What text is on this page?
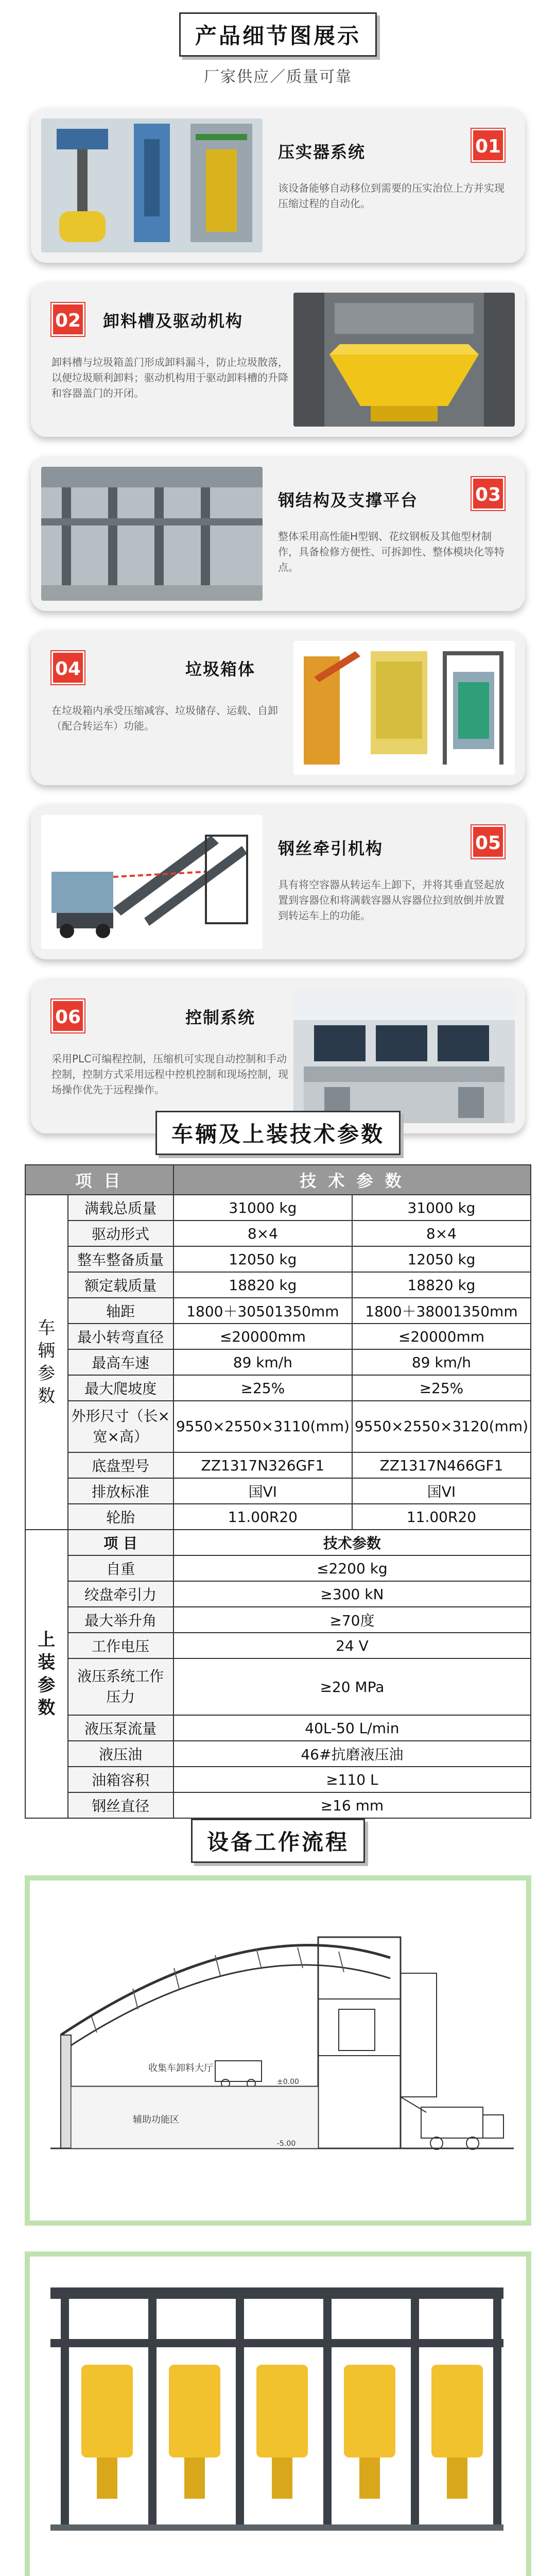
产品细节图展示
厂家供应／质量可靠
压实器系统	01
该设备能够自动移位到需要的压实治位上方并实现压缩过程的自动化。
02 卸料槽及驱动机构
卸料槽与垃圾箱盖门形成卸料漏斗，防止垃圾散落，以便垃圾顺利卸料；驱动机构用于驱动卸料槽的升降和容器盖门的开闭。
钢结构及支撑平台	03
整体采用高性能H型钢、花纹钢板及其他型材制作，具备检修方便性、可拆卸性、整体模块化等特点。
04	垃圾箱体
在垃圾箱内承受压缩减容、垃圾储存、运载、自卸（配合转运车）功能。
钢丝牵引机构	05
具有将空容器从转运车上卸下，并将其垂直竖起放置到容器位和将满载容器从容器位拉到放倒并放置到转运车上的功能。
06	控制系统
采用PLC可编程控制，压缩机可实现自动控制和手动控制，控制方式采用远程中控机控制和现场控制，现场操作优先于远程操作。
车辆及上装技术参数
项 目		技 术 参 数	
车辆参数	满载总质量	31000 kg	31000 kg
	驱动形式	8×4	8×4
	整车整备质量	12050 kg	12050 kg
	额定载质量	18820 kg	18820 kg
	轴距	1800＋30501350mm	1800＋38001350mm
	最小转弯直径	≤20000mm	≤20000mm
	最高车速	89 km/h	89 km/h
	最大爬坡度	≥25%	≥25%
	外形尺寸（长×宽×高）	9550×2550×3110(mm)	9550×2550×3120(mm)
	底盘型号	ZZ1317N326GF1	ZZ1317N466GF1
	排放标准	国VI	国VI
	轮胎	11.00R20	11.00R20
上装参数	项 目	技术参数	
	自重	≤2200 kg	
	绞盘牵引力	≥300 kN	
	最大举升角	≥70度	
	工作电压	24 V	
	液压系统工作压力	≥20 MPa	
	液压泵流量	40L-50 L/min	
	液压油	46#抗磨液压油	
	油箱容积	≥110 L	
	钢丝直径	≥16 mm	
设备工作流程
收集车卸料大厅
辅助功能区
±0.00
-5.00
